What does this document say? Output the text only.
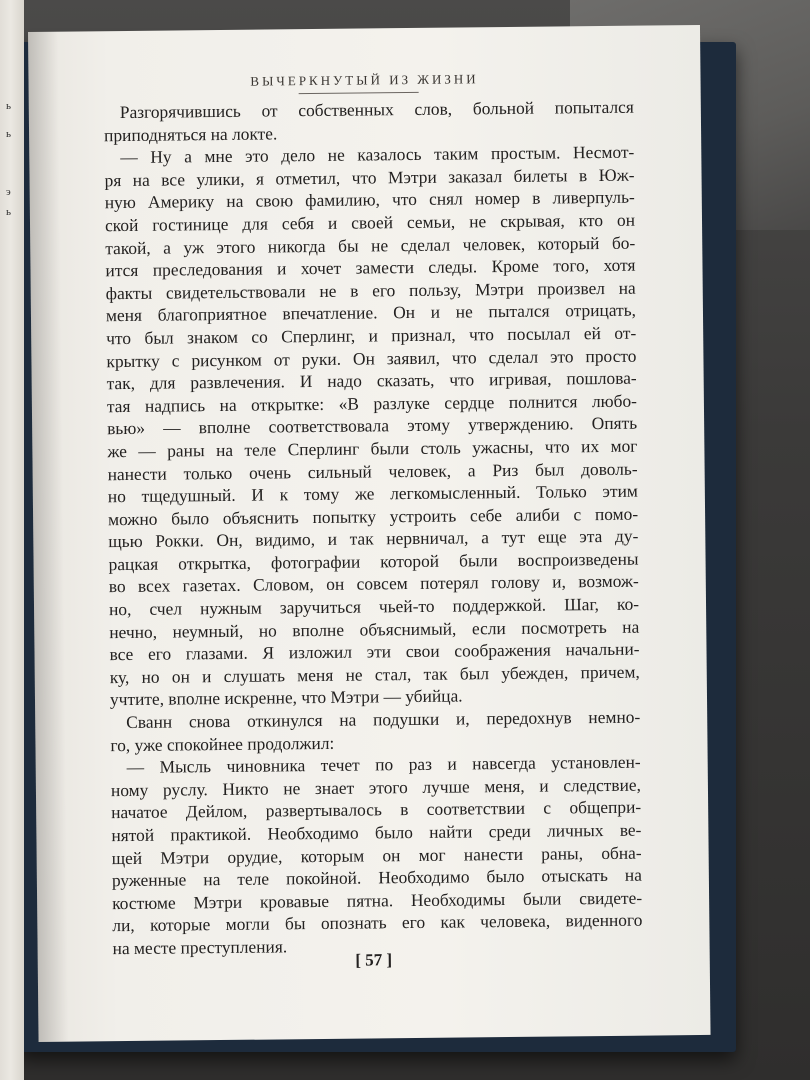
ь
ь
э
ь
ВЫЧЕРКНУТЫЙ ИЗ ЖИЗНИ
Разгорячившись от собственных слов, больной попытался
приподняться на локте.
— Ну а мне это дело не казалось таким простым. Несмот-
ря на все улики, я отметил, что Мэтри заказал билеты в Юж-
ную Америку на свою фамилию, что снял номер в ливерпуль-
ской гостинице для себя и своей семьи, не скрывая, кто он
такой, а уж этого никогда бы не сделал человек, который бо-
ится преследования и хочет замести следы. Кроме того, хотя
факты свидетельствовали не в его пользу, Мэтри произвел на
меня благоприятное впечатление. Он и не пытался отрицать,
что был знаком со Сперлинг, и признал, что посылал ей от-
крытку с рисунком от руки. Он заявил, что сделал это просто
так, для развлечения. И надо сказать, что игривая, пошлова-
тая надпись на открытке: «В разлуке сердце полнится любо-
вью» — вполне соответствовала этому утверждению. Опять
же — раны на теле Сперлинг были столь ужасны, что их мог
нанести только очень сильный человек, а Риз был доволь-
но тщедушный. И к тому же легкомысленный. Только этим
можно было объяснить попытку устроить себе алиби с помо-
щью Рокки. Он, видимо, и так нервничал, а тут еще эта ду-
рацкая открытка, фотографии которой были воспроизведены
во всех газетах. Словом, он совсем потерял голову и, возмож-
но, счел нужным заручиться чьей-то поддержкой. Шаг, ко-
нечно, неумный, но вполне объяснимый, если посмотреть на
все его глазами. Я изложил эти свои соображения начальни-
ку, но он и слушать меня не стал, так был убежден, причем,
учтите, вполне искренне, что Мэтри — убийца.
Сванн снова откинулся на подушки и, передохнув немно-
го, уже спокойнее продолжил:
— Мысль чиновника течет по раз и навсегда установлен-
ному руслу. Никто не знает этого лучше меня, и следствие,
начатое Дейлом, развертывалось в соответствии с общепри-
нятой практикой. Необходимо было найти среди личных ве-
щей Мэтри орудие, которым он мог нанести раны, обна-
руженные на теле покойной. Необходимо было отыскать на
костюме Мэтри кровавые пятна. Необходимы были свидете-
ли, которые могли бы опознать его как человека, виденного
на месте преступления.
[ 57 ]
